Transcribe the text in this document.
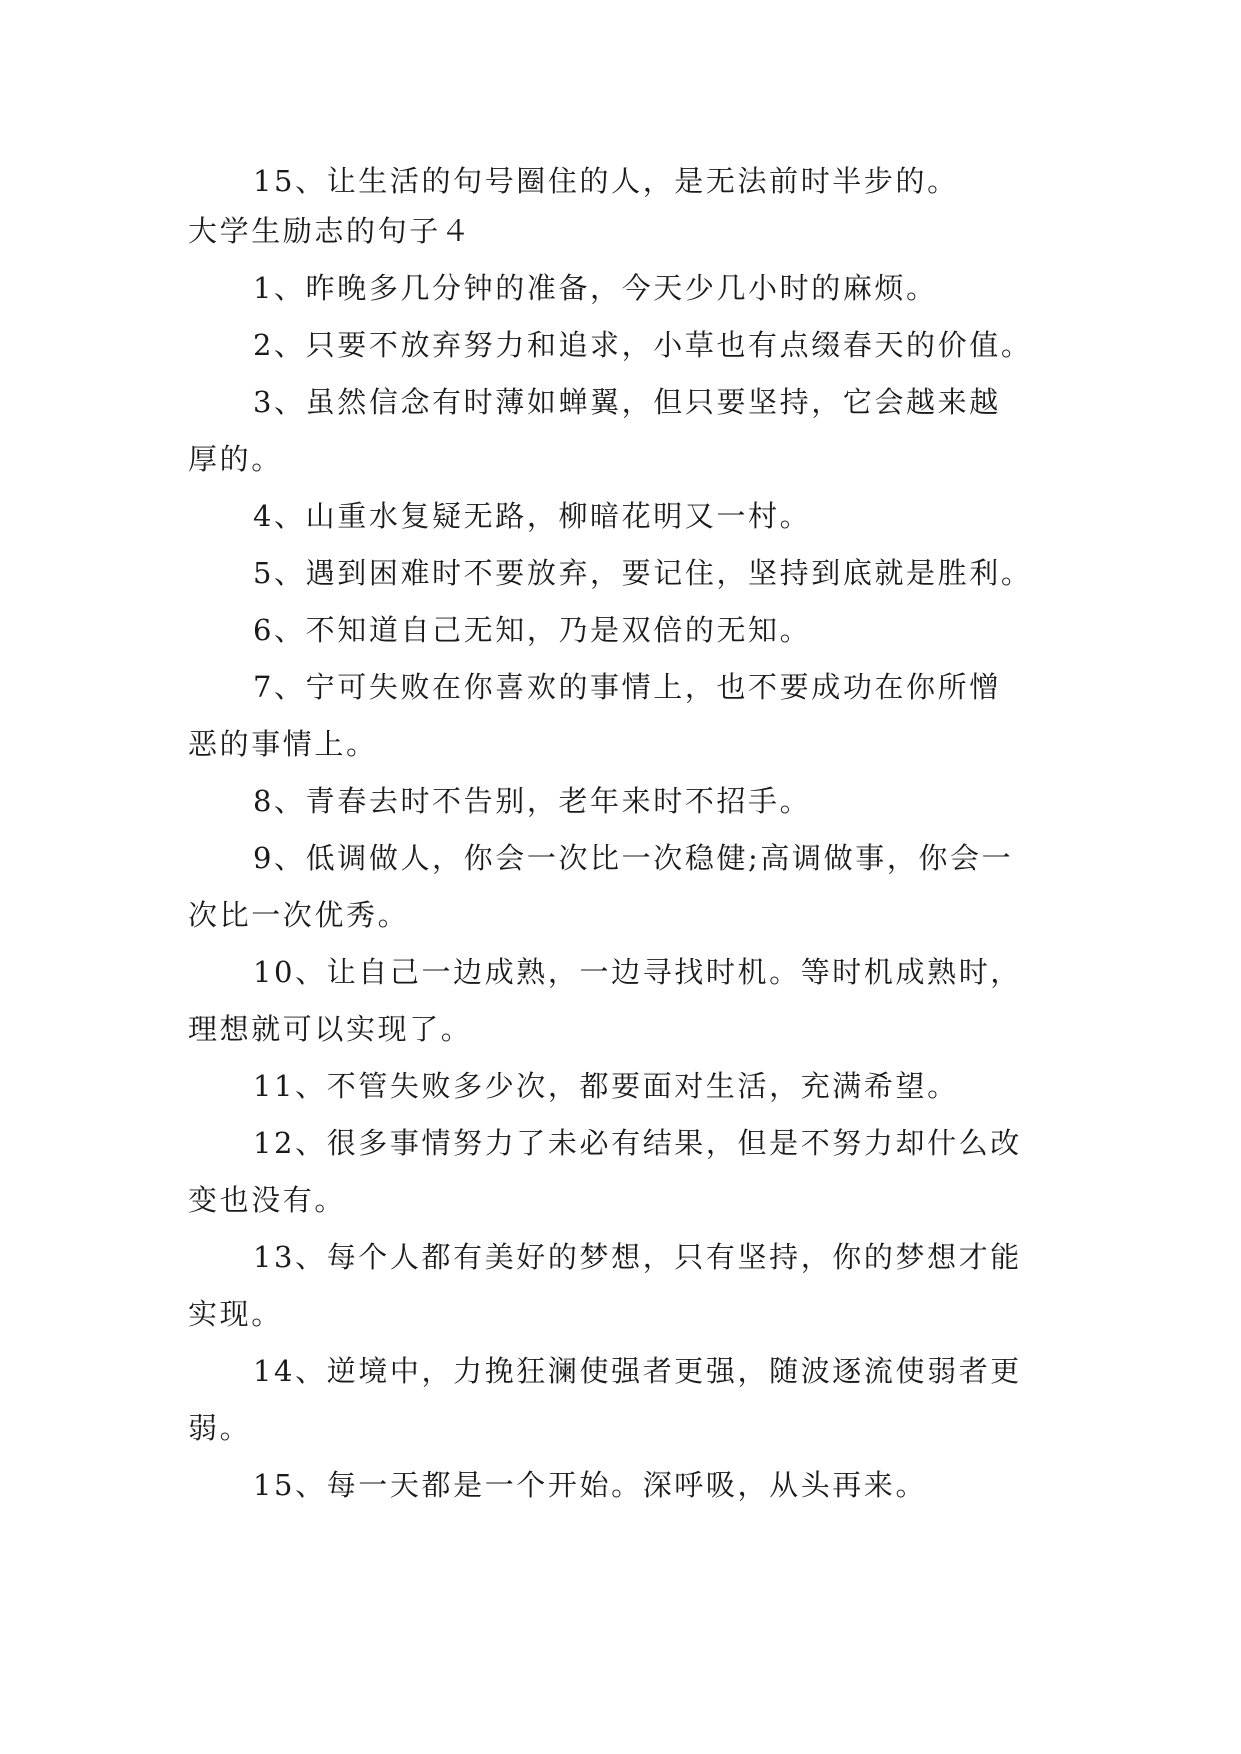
15、让生活的句号圈住的人，是无法前时半步的。
大学生励志的句子４
1、昨晚多几分钟的准备，今天少几小时的麻烦。
2、只要不放弃努力和追求，小草也有点缀春天的价值。
3、虽然信念有时薄如蝉翼，但只要坚持，它会越来越
厚的。
4、山重水复疑无路，柳暗花明又一村。
5、遇到困难时不要放弃，要记住，坚持到底就是胜利。
6、不知道自己无知，乃是双倍的无知。
7、宁可失败在你喜欢的事情上，也不要成功在你所憎
恶的事情上。
8、青春去时不告别，老年来时不招手。
9、低调做人，你会一次比一次稳健;高调做事，你会一
次比一次优秀。
10、让自己一边成熟，一边寻找时机。等时机成熟时，
理想就可以实现了。
11、不管失败多少次，都要面对生活，充满希望。
12、很多事情努力了未必有结果，但是不努力却什么改
变也没有。
13、每个人都有美好的梦想，只有坚持，你的梦想才能
实现。
14、逆境中，力挽狂澜使强者更强，随波逐流使弱者更
弱。
15、每一天都是一个开始。深呼吸，从头再来。
